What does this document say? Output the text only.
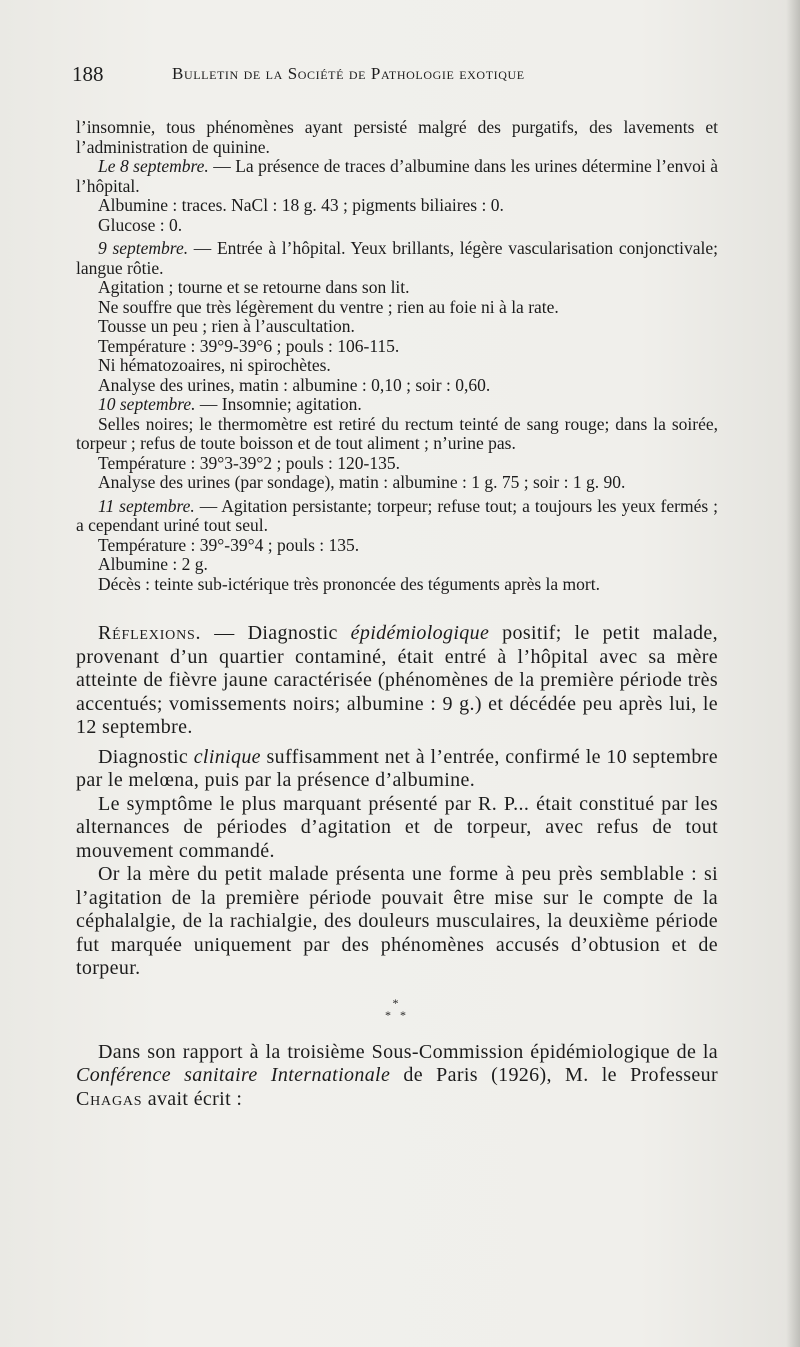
188	Bulletin de la Société de Pathologie exotique

l’insomnie, tous phénomènes ayant persisté malgré des purgatifs, des lavements et l’administration de quinine.

Le 8 septembre. — La présence de traces d’albumine dans les urines détermine l’envoi à l’hôpital.

Albumine : traces. NaCl : 18 g. 43 ; pigments biliaires : 0.

Glucose : 0.

9 septembre. — Entrée à l’hôpital. Yeux brillants, légère vascularisation conjonctivale; langue rôtie.

Agitation ; tourne et se retourne dans son lit.

Ne souffre que très légèrement du ventre ; rien au foie ni à la rate.

Tousse un peu ; rien à l’auscultation.

Température : 39°9-39°6 ; pouls : 106-115.

Ni hématozoaires, ni spirochètes.

Analyse des urines, matin : albumine : 0,10 ; soir : 0,60.

10 septembre. — Insomnie; agitation.

Selles noires; le thermomètre est retiré du rectum teinté de sang rouge; dans la soirée, torpeur ; refus de toute boisson et de tout aliment ; n’urine pas.

Température : 39°3-39°2 ; pouls : 120-135.

Analyse des urines (par sondage), matin : albumine : 1 g. 75 ; soir : 1 g. 90.

11 septembre. — Agitation persistante; torpeur; refuse tout; a toujours les yeux fermés ; a cependant uriné tout seul.

Température : 39°-39°4 ; pouls : 135.

Albumine : 2 g.

Décès : teinte sub-ictérique très prononcée des téguments après la mort.

Réflexions. — Diagnostic épidémiologique positif; le petit malade, provenant d’un quartier contaminé, était entré à l’hôpital avec sa mère atteinte de fièvre jaune caractérisée (phénomènes de la première période très accentués; vomissements noirs; albumine : 9 g.) et décédée peu après lui, le 12 septembre.

Diagnostic clinique suffisamment net à l’entrée, confirmé le 10 septembre par le melœna, puis par la présence d’albumine.

Le symptôme le plus marquant présenté par R. P... était constitué par les alternances de périodes d’agitation et de torpeur, avec refus de tout mouvement commandé.

Or la mère du petit malade présenta une forme à peu près semblable : si l’agitation de la première période pouvait être mise sur le compte de la céphalalgie, de la rachialgie, des douleurs musculaires, la deuxième période fut marquée uniquement par des phénomènes accusés d’obtusion et de torpeur.

*
* *

Dans son rapport à la troisième Sous-Commission épidémiologique de la Conférence sanitaire Internationale de Paris (1926), M. le Professeur Chagas avait écrit :
